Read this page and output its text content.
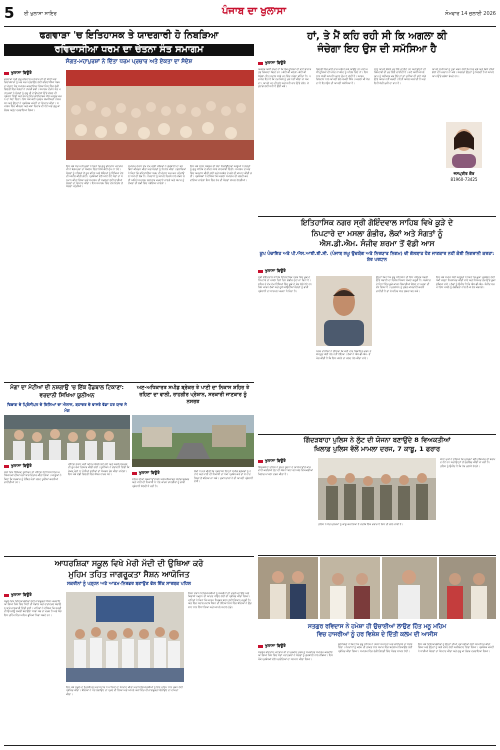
5 ਈ ਖੁਲਾਸਾ ਸਾਇਰ	ਪੰਜਾਬ ਦਾ ਖੁਲਾਸਾ	ਸੋਮਵਾਰ 14 ਜੁਲਾਈ 2026
ਫਗਵਾੜਾ 'ਚ ਇਤਿਹਾਸਕ ਤੇ ਯਾਦਗਾਰੀ ਹੋ ਨਿਬੜਿਆ
ਰਵਿਦਾਸੀਆ ਧਰਮ ਦਾ ਚੇਤਨਾ ਸੰਤ ਸਮਾਗਮ
ਸੰਗਤ-ਮਹਾਪੁਰਸ਼ਾਂ ਨੇ ਦਿੱਤਾ ਧਰਮ ਪ੍ਰਚਾਰ ਅਤੇ ਏਕਤਾ ਦਾ ਸੰਦੇਸ਼
ਖੁਲਾਸਾ ਬਿਊਰੋ
ਫਗਵਾੜਾ ਸ੍ਰੀ ਗੁਰੂ ਰਵਿਦਾਸ ਮਹਾਰਾਜ ਜੀ ਦੀ ਬਾਣੀ ਅਤੇ ਵਿਚਾਰਧਾਰਾ ਨੂੰ ਘਰ ਘਰ ਪਹੁੰਚਾਉਣ ਲਈ ਰਵਿਦਾਸੀਆ ਧਰਮ ਦਾ ਚੇਤਨਾ ਸੰਤ ਸਮਾਗਮ ਕਰਵਾਇਆ ਗਿਆ ਜਿਸ ਵਿੱਚ ਵੱਡੀ ਗਿਣਤੀ ਵਿੱਚ ਸੰਗਤਾਂ ਨੇ ਹਾਜ਼ਰੀ ਭਰੀ। ਸਮਾਗਮ ਦੌਰਾਨ ਸੰਤ ਮਹਾਪੁਰਸ਼ਾਂ ਨੇ ਸੰਗਤਾਂ ਨੂੰ ਗੁਰੂ ਜੀ ਦੇ ਉਪਦੇਸ਼ਾਂ ਉੱਤੇ ਚੱਲਣ ਦੀ ਪ੍ਰੇਰਨਾ ਦਿੱਤੀ ਅਤੇ ਸਮਾਜ ਵਿੱਚ ਭਾਈਚਾਰਕ ਸਾਂਝ ਮਜ਼ਬੂਤ ਕਰਨ ਦਾ ਸੱਦਾ ਦਿੱਤਾ। ਇਸ ਮੌਕੇ ਕਈ ਪ੍ਰਮੁੱਖ ਸ਼ਖਸੀਅਤਾਂ ਹਾਜ਼ਰ ਸਨ ਅਤੇ ਉਨ੍ਹਾਂ ਨੇ ਪ੍ਰਬੰਧਕ ਕਮੇਟੀ ਦਾ ਧੰਨਵਾਦ ਕੀਤਾ। ਸਮਾਗਮ ਵਿੱਚ ਕੀਰਤਨ ਅਤੇ ਕਥਾ ਵਿਚਾਰ ਵੀ ਹੋਏ ਅਤੇ ਗੁਰੂ ਕਾ ਲੰਗਰ ਅਤੁੱਟ ਵਰਤਾਇਆ ਗਿਆ।
ਇਸ ਮੌਕੇ ਸੰਤ ਮਹਾਂਪੁਰਸ਼ਾਂ ਨੇ ਕਿਹਾ ਕਿ ਗੁਰੂ ਰਵਿਦਾਸ ਮਹਾਰਾਜ ਜੀ ਨੇ ਬੇਗਮਪੁਰਾ ਦਾ ਸੰਕਲਪ ਦਿੱਤਾ ਜਿੱਥੇ ਕੋਈ ਦੁੱਖ ਨਾ ਹੋਵੇ। ਸੰਗਤਾਂ ਨੂੰ ਨਸ਼ਿਆਂ ਤੋਂ ਦੂਰ ਰਹਿਣ ਅਤੇ ਬੱਚਿਆਂ ਨੂੰ ਸਿੱਖਿਆ ਦੇਣ ਦੀ ਅਪੀਲ ਕੀਤੀ ਗਈ। ਪ੍ਰਬੰਧਕਾਂ ਵੱਲੋਂ ਆਏ ਹੋਏ ਸੰਤਾਂ ਦਾ ਸਨਮਾਨ ਕੀਤਾ ਗਿਆ ਅਤੇ ਸਮਾਗਮ ਦੀ ਸਫਲਤਾ ਲਈ ਸਾਰੀਆਂ ਸੰਗਤਾਂ ਦਾ ਧੰਨਵਾਦ ਕੀਤਾ। ਇਸ ਸਮਾਗਮ ਵਿੱਚ ਦੇਸ਼ ਵਿਦੇਸ਼ ਤੋਂ ਸੰਗਤਾਂ ਪਹੁੰਚੀਆਂ।
ਸਮਾਗਮ ਦੌਰਾਨ ਵੱਖ ਵੱਖ ਰਾਗੀ ਜਥਿਆਂ ਨੇ ਗੁਰਬਾਣੀ ਦਾ ਰਸਭਿੰਨਾ ਕੀਰਤਨ ਕੀਤਾ ਅਤੇ ਸੰਗਤਾਂ ਨੂੰ ਨਿਹਾਲ ਕੀਤਾ। ਬੁਲਾਰਿਆਂ ਨੇ ਕਿਹਾ ਕਿ ਰਵਿਦਾਸੀਆ ਧਰਮ ਦੀ ਚੇਤਨਾ ਘਰ ਘਰ ਪਹੁੰਚਾਉਣਾ ਸਮੇਂ ਦੀ ਲੋੜ ਹੈ। ਨੌਜਵਾਨਾਂ ਨੂੰ ਆਪਣੇ ਵਿਰਸੇ ਨਾਲ ਜੋੜਨ ਲਈ ਅਜਿਹੇ ਸਮਾਗਮ ਲਗਾਤਾਰ ਕਰਵਾਏ ਜਾਣਗੇ ਅਤੇ ਸਮਾਜ ਨੂੰ ਏਕਤਾ ਦੀ ਲੜੀ ਵਿੱਚ ਪਰੋਇਆ ਜਾਵੇਗਾ।
ਇਸ ਮੌਕੇ ਸਟੇਜ ਸਕੱਤਰ ਦੀ ਸੇਵਾ ਨਿਭਾਉਂਦਿਆਂ ਆਗੂਆਂ ਨੇ ਸੰਗਤਾਂ ਨੂੰ ਗੁਰੂ ਸਾਹਿਬ ਦੇ ਜੀਵਨ ਬਾਰੇ ਜਾਣਕਾਰੀ ਦਿੱਤੀ। ਸਮਾਗਮ ਦੇ ਅੰਤ ਵਿੱਚ ਅਰਦਾਸ ਕੀਤੀ ਗਈ ਅਤੇ ਸਰਬੱਤ ਦੇ ਭਲੇ ਦੀ ਕਾਮਨਾ ਕੀਤੀ ਗਈ। ਪ੍ਰਬੰਧਕਾਂ ਨੇ ਦੱਸਿਆ ਕਿ ਅਗਲਾ ਸਮਾਗਮ ਵੀ ਜਲਦੀ ਕਰਵਾਇਆ ਜਾਵੇਗਾ ਜਿਸ ਵਿੱਚ ਹੋਰ ਵੀ ਸੰਗਤਾਂ ਸ਼ਾਮਲ ਹੋਣਗੀਆਂ।
ਹਾਂ, ਤੇ ਮੈਂ ਕਹਿ ਰਹੀ ਸੀ ਕਿ ਅਗਲਾ ਕੀ
ਜੰਚੇਗਾ ਇਹ ਉਸ ਦੀ ਸਮੱਸਿਆ ਹੈ
ਖੁਲਾਸਾ ਬਿਊਰੋ
ਅਕਸਰ ਅਸੀਂ ਦੇਖਦੇ ਹਾਂ ਕਿ ਲੋਕ ਦੂਜਿਆਂ ਦੀ ਰਾਏ ਬਾਰੇ ਬਹੁਤ ਜ਼ਿਆਦਾ ਸੋਚਦੇ ਹਨ। ਕੋਈ ਕੀ ਕਹੇਗਾ, ਕੋਈ ਕੀ ਸੋਚੇਗਾ, ਇਹ ਸਵਾਲ ਸਾਡੇ ਮਨ ਵਿੱਚ ਹਮੇਸ਼ਾ ਰਹਿੰਦਾ ਹੈ। ਪਰ ਸੱਚ ਇਹ ਹੈ ਕਿ ਹਰ ਕਿਸੇ ਨੂੰ ਖੁਸ਼ ਨਹੀਂ ਕੀਤਾ ਜਾ ਸਕਦਾ। ਆਪਣੇ ਮਨ ਦੀ ਸੁਣੋ ਅਤੇ ਸਹੀ ਰਾਹ ਉੱਤੇ ਚੱਲੋ। ਜੋ ਤੁਹਾਡੇ ਲਈ ਸਹੀ ਹੈ ਉਹੀ ਕਰੋ।
ਜ਼ਿੰਦਗੀ ਵਿੱਚ ਕਈ ਵਾਰ ਅਜਿਹੇ ਮੌਕੇ ਆਉਂਦੇ ਹਨ ਜਦੋਂ ਅਸੀਂ ਦੂਜਿਆਂ ਦੀ ਪਸੰਦ ਨਾਪਸੰਦ ਨੂੰ ਪਹਿਲ ਦਿੰਦੇ ਹਾਂ। ਇਸ ਨਾਲ ਸਾਡੀ ਆਪਣੀ ਪਛਾਣ ਗੁੰਮ ਹੋ ਜਾਂਦੀ ਹੈ। ਆਤਮ ਵਿਸ਼ਵਾਸ ਨਾਲ ਆਪਣੀ ਗੱਲ ਰੱਖਣੀ ਸਿੱਖੋ। ਅਗਲਾ ਕੀ ਸੋਚਦਾ ਹੈ ਇਹ ਉਸ ਦੀ ਆਪਣੀ ਸਮੱਸਿਆ ਹੈ।
ਸਾਨੂੰ ਆਪਣੇ ਫੈਸਲੇ ਖੁਦ ਲੈਣੇ ਚਾਹੀਦੇ ਹਨ ਅਤੇ ਉਨ੍ਹਾਂ ਦੀ ਜ਼ਿੰਮੇਵਾਰੀ ਵੀ ਖੁਦ ਲੈਣੀ ਚਾਹੀਦੀ ਹੈ। ਜਦੋਂ ਅਸੀਂ ਆਪਣੇ ਆਪ ਨੂੰ ਸਵੀਕਾਰ ਕਰ ਲੈਂਦੇ ਹਾਂ ਤਾਂ ਦੁਨੀਆ ਦੀ ਰਾਏ ਸਾਡੇ ਉੱਤੇ ਅਸਰ ਨਹੀਂ ਕਰਦੀ। ਇਹੀ ਅਸਲ ਆਜ਼ਾਦੀ ਹੈ ਅਤੇ ਇਹੀ ਸੱਚੀ ਖੁਸ਼ੀ ਦਾ ਰਾਹ ਹੈ।
ਆਪਣੇ ਸੁਪਨਿਆਂ ਨੂੰ ਪੂਰਾ ਕਰਨ ਲਈ ਮਿਹਨਤ ਕਰੋ ਅਤੇ ਕਿਸੇ ਦੀਆਂ ਗੱਲਾਂ ਦੀ ਪਰਵਾਹ ਨਾ ਕਰੋ। ਸਫਲਤਾ ਉਨ੍ਹਾਂ ਨੂੰ ਮਿਲਦੀ ਹੈ ਜੋ ਆਪਣੇ ਆਪ ਉੱਤੇ ਭਰੋਸਾ ਰੱਖਦੇ ਹਨ।
ਜਸਪ੍ਰੀਤ ਕੌਰ
81960-73425
ਇਤਿਹਾਸਿਕ ਨਗਰ ਸ੍ਰੀ ਗੋਇੰਦਵਾਲ ਸਾਹਿਬ ਵਿਖੇ ਕੂੜੇ ਦੇ
ਨਿਪਟਾਰੇ ਦਾ ਮਸਲਾ ਗੰਭੀਰ, ਲੋਕਾਂ ਅਤੇ ਸੰਗਤਾਂ ਨੂੰ
ਐਸ.ਡੀ.ਐਮ. ਸੰਜੀਵ ਸ਼ਰਮਾ ਤੋਂ ਵੱਡੀ ਆਸ
ਕੂਪ ਪੰਚਾਇਤ ਅਤੇ ਪੀ.ਐਸ.ਆਈ.ਈ.ਸੀ. (ਪੰਜਾਬ ਲਘੂ ਉਦਯੋਗ ਅਤੇ ਨਿਰਯਾਤ ਨਿਗਮ) ਦੀ ਗੱਲਬਾਤ ਹੋਣ ਜਾਣਕਾਰ ਨਹੀਂ ਕੋਈ ਨਿਗਰਾਨੀ ਕਰਤਾ: ਸ਼ੇਰ ਪਰਧਾਨ
ਖੁਲਾਸਾ ਬਿਊਰੋ
ਸ੍ਰੀ ਗੋਇੰਦਵਾਲ ਸਾਹਿਬ ਇਤਿਹਾਸਿਕ ਨਗਰ ਵਿੱਚ ਕੂੜੇ ਦੇ ਨਿਪਟਾਰੇ ਦਾ ਮਸਲਾ ਦਿਨੋ ਦਿਨ ਗੰਭੀਰ ਹੁੰਦਾ ਜਾ ਰਿਹਾ ਹੈ। ਸ਼ਹਿਰ ਦੇ ਵੱਖ ਵੱਖ ਹਿੱਸਿਆਂ ਵਿੱਚ ਕੂੜੇ ਦੇ ਢੇਰ ਲੱਗੇ ਹੋਏ ਹਨ ਜਿਸ ਕਾਰਨ ਲੋਕਾਂ ਅਤੇ ਦੂਰੋਂ ਆਉਂਦੀਆਂ ਸੰਗਤਾਂ ਨੂੰ ਭਾਰੀ ਪ੍ਰੇਸ਼ਾਨੀ ਦਾ ਸਾਹਮਣਾ ਕਰਨਾ ਪੈ ਰਿਹਾ ਹੈ।
ਨਗਰ ਵਾਸੀਆਂ ਨੇ ਦੱਸਿਆ ਕਿ ਕਈ ਵਾਰ ਸ਼ਿਕਾਇਤ ਕਰਨ ਦੇ ਬਾਵਜੂਦ ਕੋਈ ਹੱਲ ਨਹੀਂ ਹੋਇਆ। ਲੋਕਾਂ ਨੇ ਐਸ.ਡੀ.ਐਮ. ਤੋਂ ਮੰਗ ਕੀਤੀ ਹੈ ਕਿ ਇਸ ਮਸਲੇ ਦਾ ਜਲਦ ਹੱਲ ਕੀਤਾ ਜਾਵੇ।
ਉਨ੍ਹਾਂ ਕਿਹਾ ਕਿ ਗੁਰੂ ਸਾਹਿਬਾਨ ਦੀ ਇਸ ਪਵਿੱਤਰ ਧਰਤੀ ਉੱਤੇ ਸਫਾਈ ਦਾ ਵਿਸ਼ੇਸ਼ ਧਿਆਨ ਰੱਖਣਾ ਜ਼ਰੂਰੀ ਹੈ। ਬਰਸਾਤ ਦੇ ਦਿਨਾਂ ਵਿੱਚ ਕੂੜੇ ਕਾਰਨ ਬਿਮਾਰੀਆਂ ਫੈਲਣ ਦਾ ਖ਼ਤਰਾ ਵੀ ਵੱਧ ਗਿਆ ਹੈ। ਪ੍ਰਸ਼ਾਸਨ ਨੂੰ ਤੁਰੰਤ ਕਾਰਵਾਈ ਕਰਨੀ ਚਾਹੀਦੀ ਹੈ ਤਾਂ ਜੋ ਸ਼ਹਿਰ ਸਾਫ਼ ਸੁਥਰਾ ਬਣ ਸਕੇ।
ਇਸ ਮੌਕੇ ਸਮਾਜ ਸੇਵੀ ਆਗੂਆਂ ਨੇ ਕਿਹਾ ਕਿ ਕੂੜਾ ਪ੍ਰਬੰਧਨ ਲਈ ਪੱਕੀ ਜਗ੍ਹਾ ਨਿਰਧਾਰਤ ਕੀਤੀ ਜਾਵੇ ਅਤੇ ਨਿਯਮਤ ਤੌਰ ਉੱਤੇ ਕੂੜਾ ਚੁੱਕਿਆ ਜਾਵੇ। ਲੋਕਾਂ ਨੂੰ ਉਮੀਦ ਹੈ ਕਿ ਐਸ.ਡੀ.ਐਮ. ਸੰਜੀਵ ਸ਼ਰਮਾ ਇਸ ਮਸਲੇ ਨੂੰ ਗੰਭੀਰਤਾ ਨਾਲ ਲੈ ਕੇ ਹੱਲ ਕਰਨਗੇ।
ਮੋਗਾ ਦਾ ਮੋਟੀਆਂ ਦੀ ਨਸ਼ਗਾਉਂ 'ਚ ਇੱਕ ਹੈਂਡਬਾਲ ਟਿਕਾਣਾ: ਵਰਦਾਨੀ ਸਿਖਿਆ ਯੂਨੀਅਨ
ਵਿਭਾਗ ਦੇ ਪ੍ਰਿੰਸੀਪਲ ਦੇ ਕਿਲਿਆਂ ਦਾ ਐਲਾਨ, ਬਹਾਦਰ ਦੇ ਵਾਸਤੇ ਵੱਡਾ ਹਰ ਯਾਦ ਨੇ ਮੰਗ
ਖੁਲਾਸਾ ਬਿਊਰੋ
ਮੋਗਾ ਵਿਖੇ ਸਿੱਖਿਆ ਯੂਨੀਅਨ ਦੀ ਮੀਟਿੰਗ ਹੋਈ ਜਿਸ ਵਿੱਚ ਅਧਿਆਪਕਾਂ ਦੀਆਂ ਮੰਗਾਂ ਬਾਰੇ ਵਿਚਾਰ ਕੀਤਾ ਗਿਆ। ਆਗੂਆਂ ਨੇ ਕਿਹਾ ਕਿ ਸਰਕਾਰ ਨੂੰ ਲੰਬਿਤ ਮੰਗਾਂ ਜਲਦ ਪੂਰੀਆਂ ਕਰਨੀਆਂ ਚਾਹੀਦੀਆਂ ਹਨ।
ਮੀਟਿੰਗ ਦੌਰਾਨ ਕਈ ਅਹਿਮ ਫੈਸਲੇ ਲਏ ਗਏ ਅਤੇ ਅਗਲੇ ਸੰਘਰਸ਼ ਦੀ ਰੂਪ ਰੇਖਾ ਤਿਆਰ ਕੀਤੀ ਗਈ। ਯੂਨੀਅਨ ਨੇ ਚੇਤਾਵਨੀ ਦਿੱਤੀ ਕਿ ਜੇਕਰ ਮੰਗਾਂ ਨਾ ਮੰਨੀਆਂ ਗਈਆਂ ਤਾਂ ਸੰਘਰਸ਼ ਤੇਜ਼ ਕੀਤਾ ਜਾਵੇਗਾ। ਇਸ ਮੌਕੇ ਵੱਡੀ ਗਿਣਤੀ ਵਿੱਚ ਮੈਂਬਰ ਹਾਜ਼ਰ ਸਨ।
ਅਣ-ਅਧਿਕਾਰਤ ਸਪੀਡ ਬ੍ਰੇਕਰ ਤੇ ਪਾਣੀ ਦਾ ਨਿਕਾਸ ਸ਼ਹਿਰ ਤੇ ਰਹਿਣਾ ਦਾ ਵਾਲੀ, ਰਾਹਗੀਰ ਪ੍ਰੇਸ਼ਾਨ, ਸਰਕਾਰੀ ਜਾਣਕਾਰ ਨੂੰ ਨਸਰਤ
ਖੁਲਾਸਾ ਬਿਊਰੋ
ਸ਼ਹਿਰ ਦੀਆਂ ਸੜਕਾਂ ਉੱਤੇ ਬਣੇ ਅਣਅਧਿਕਾਰਤ ਸਪੀਡ ਬ੍ਰੇਕਰ ਅਤੇ ਪਾਣੀ ਦੀ ਨਿਕਾਸੀ ਨਾ ਹੋਣ ਕਾਰਨ ਰਾਹਗੀਰਾਂ ਨੂੰ ਭਾਰੀ ਪ੍ਰੇਸ਼ਾਨੀ ਝੱਲਣੀ ਪੈ ਰਹੀ ਹੈ।
ਲੋਕਾਂ ਨੇ ਮੰਗ ਕੀਤੀ ਕਿ ਪ੍ਰਸ਼ਾਸਨ ਇਨ੍ਹਾਂ ਸਪੀਡ ਬ੍ਰੇਕਰਾਂ ਨੂੰ ਹਟਾਵੇ ਅਤੇ ਪਾਣੀ ਦੀ ਨਿਕਾਸੀ ਦਾ ਪੱਕਾ ਪ੍ਰਬੰਧ ਕਰੇ ਤਾਂ ਜੋ ਹਾਦਸਿਆਂ ਤੋਂ ਬਚਿਆ ਜਾ ਸਕੇ। ਦੁਕਾਨਦਾਰਾਂ ਨੇ ਵੀ ਆਪਣੀ ਪ੍ਰੇਸ਼ਾਨੀ ਦੱਸੀ।
ਗਿੱਦੜਬਾਹਾ ਪੁਲਿਸ ਨੇ ਲੁੱਟ ਦੀ ਯੋਜਨਾ ਬਣਾਉਂਦੇ 8 ਵਿਅਕਤੀਆਂ
ਖਿਲਾਫ਼ ਪੁਲਿਸ ਵੱਲੋਂ ਮਾਮਲਾ ਦਰਜ, 7 ਕਾਬੂ, 1 ਫਰਾਰ
ਖੁਲਾਸਾ ਬਿਊਰੋ
ਗਿੱਦੜਬਾਹਾ ਪੁਲਿਸ ਨੇ ਗੁਪਤ ਸੂਚਨਾ ਦੇ ਆਧਾਰ ਉੱਤੇ ਕਾਰਵਾਈ ਕਰਦਿਆਂ ਲੁੱਟ ਦੀ ਯੋਜਨਾ ਬਣਾ ਰਹੇ ਅੱਠ ਵਿਅਕਤੀਆਂ ਖਿਲਾਫ਼ ਮਾਮਲਾ ਦਰਜ ਕੀਤਾ ਹੈ।
ਪੁਲਿਸ ਨੇ ਸੱਤ ਮੁਲਜ਼ਮਾਂ ਨੂੰ ਕਾਬੂ ਕਰ ਲਿਆ ਹੈ ਜਦਕਿ ਇੱਕ ਫਰਾਰ ਹੈ ਜਿਸ ਦੀ ਭਾਲ ਜਾਰੀ ਹੈ।
ਥਾਣਾ ਮੁਖੀ ਨੇ ਦੱਸਿਆ ਕਿ ਮੁਲਜ਼ਮਾਂ ਕੋਲੋਂ ਹਥਿਆਰ ਵੀ ਬਰਾਮਦ ਹੋਏ ਹਨ ਅਤੇ ਉਨ੍ਹਾਂ ਤੋਂ ਪੁੱਛਗਿੱਛ ਕੀਤੀ ਜਾ ਰਹੀ ਹੈ। ਪੁਲਿਸ ਨੂੰ ਉਮੀਦ ਹੈ ਕਿ ਹੋਰ ਖੁਲਾਸੇ ਹੋਣਗੇ।
ਆਧਰਸ਼ਿਕਾ ਸਕੂਲ ਵਿਖੇ ਮੇਰੀ ਮੱਦੀ ਦੀ ਉਥਿਆ ਕਰੋ
ਮੁਹਿਮ ਤਹਿਤ ਜਾਗਰੂਕਤਾ ਸੈਸ਼ਨ ਆਯੋਜਿਤ
ਸਕਰੀਨਾਂ ਨੂੰ ਪੜ੍ਹਨ ਅਤੇ ਆਤਮ-ਨਿਰਭਰ ਬਣਾਉਣ ਵੱਲ ਇੱਕ ਸਾਰਥਕ ਪਹਿਲ
ਖੁਲਾਸਾ ਬਿਊਰੋ
ਸਕੂਲ ਵਿਖੇ ਵਿਦਿਆਰਥੀਆਂ ਲਈ ਜਾਗਰੂਕਤਾ ਸੈਸ਼ਨ ਕਰਵਾਇਆ ਗਿਆ ਜਿਸ ਵਿੱਚ ਮਿੱਟੀ ਦੀ ਸੰਭਾਲ ਅਤੇ ਵਾਤਾਵਰਣ ਬਚਾਉਣ ਬਾਰੇ ਜਾਣਕਾਰੀ ਦਿੱਤੀ ਗਈ। ਮਾਹਿਰਾਂ ਨੇ ਦੱਸਿਆ ਕਿ ਧਰਤੀ ਦੀ ਉਪਜਾਊ ਸ਼ਕਤੀ ਬਚਾਉਣਾ ਸਾਡਾ ਸਭ ਦਾ ਫਰਜ਼ ਹੈ ਅਤੇ ਬੱਚੇ ਇਸ ਮੁਹਿੰਮ ਵਿੱਚ ਅਹਿਮ ਭੂਮਿਕਾ ਨਿਭਾ ਸਕਦੇ ਹਨ।
ਇਸ ਮੌਕੇ ਸਕੂਲ ਦੇ ਪ੍ਰਿੰਸੀਪਲ ਅਤੇ ਸਟਾਫ ਨੇ ਮਾਹਿਰਾਂ ਦਾ ਧੰਨਵਾਦ ਕੀਤਾ ਅਤੇ ਵਿਦਿਆਰਥੀਆਂ ਨੂੰ ਇਸ ਮੁਹਿੰਮ ਨਾਲ ਜੁੜਨ ਲਈ ਪ੍ਰੇਰਿਤ ਕੀਤਾ। ਬੱਚਿਆਂ ਨੇ ਪੌਦੇ ਲਗਾਉਣ ਦਾ ਪ੍ਰਣ ਵੀ ਲਿਆ ਅਤੇ ਆਪਣੇ ਘਰਾਂ ਵਿੱਚ ਵੀ ਜਾਗਰੂਕਤਾ ਫੈਲਾਉਣ ਦਾ ਵਾਅਦਾ ਕੀਤਾ।
ਸੈਸ਼ਨ ਦੌਰਾਨ ਵਿਦਿਆਰਥੀਆਂ ਨੂੰ ਸਕਰੀਨਾਂ ਦੀ ਵਰਤੋਂ ਘਟਾਉਣ ਅਤੇ ਕਿਤਾਬਾਂ ਪੜ੍ਹਨ ਦੀ ਆਦਤ ਪਾਉਣ ਲਈ ਵੀ ਪ੍ਰੇਰਿਤ ਕੀਤਾ ਗਿਆ। ਮਾਹਿਰਾਂ ਨੇ ਕਿਹਾ ਕਿ ਆਤਮ ਨਿਰਭਰ ਬਣਨ ਲਈ ਗਿਆਨ ਜ਼ਰੂਰੀ ਹੈ। ਅੰਤ ਵਿੱਚ ਸਵਾਲ ਜਵਾਬ ਸੈਸ਼ਨ ਵੀ ਹੋਇਆ ਜਿਸ ਵਿੱਚ ਬੱਚਿਆਂ ਨੇ ਉਤਸ਼ਾਹ ਨਾਲ ਹਿੱਸਾ ਲਿਆ ਅਤੇ ਆਪਣੇ ਸਵਾਲ ਪੁੱਛੇ।
ਸਤਗੁਰ ਰਵਿਦਾਸ ਨੇ ਹਮੇਸ਼ਾ ਹੀ ਉਚਾਈਆਂ ਲਾਉਣ ਹਿੱਤ ਮਨੂ ਮਹਿਮ
ਵਿਚ ਹਾਜਰੀਆਂ ਨੂੰ ਹਰ ਵਿਸ਼ੇਸ਼ ਦੇ ਦਿੱਤੀ ਕਲਮ ਦੀ ਆਸੀਸ
ਖੁਲਾਸਾ ਬਿਊਰੋ
ਸਤਗੁਰ ਰਵਿਦਾਸ ਮਹਾਰਾਜ ਜੀ ਦੇ ਪ੍ਰਕਾਸ਼ ਪੁਰਬ ਨੂੰ ਸਮਰਪਿਤ ਸਮਾਗਮ ਕਰਵਾਇਆ ਗਿਆ ਜਿਸ ਵਿੱਚ ਸੰਤਾਂ ਮਹਾਪੁਰਸ਼ਾਂ ਨੇ ਸੰਗਤਾਂ ਨੂੰ ਗੁਰਬਾਣੀ ਨਾਲ ਜੋੜਿਆ। ਇਸ ਮੌਕੇ ਪ੍ਰਬੰਧਕਾਂ ਵੱਲੋਂ ਪਤਵੰਤਿਆਂ ਦਾ ਸਨਮਾਨ ਕੀਤਾ ਗਿਆ।
ਬੁਲਾਰਿਆਂ ਨੇ ਕਿਹਾ ਕਿ ਗੁਰੂ ਸਾਹਿਬ ਨੇ ਹਮੇਸ਼ਾ ਸਮਾਨਤਾ ਅਤੇ ਭਾਈਚਾਰੇ ਦਾ ਸੰਦੇਸ਼ ਦਿੱਤਾ। ਨੌਜਵਾਨਾਂ ਨੂੰ ਕਲਮ ਦੀ ਤਾਕਤ ਨਾਲ ਸਮਾਜ ਵਿੱਚ ਬਦਲਾਅ ਲਿਆਉਣ ਲਈ ਪ੍ਰੇਰਿਤ ਕੀਤਾ ਗਿਆ। ਸਮਾਗਮ ਵਿੱਚ ਵੱਡੀ ਗਿਣਤੀ ਵਿੱਚ ਸੰਗਤ ਸ਼ਾਮਲ ਹੋਈ।
ਇਸ ਮੌਕੇ ਵਿਦਿਆਰਥੀਆਂ ਨੂੰ ਉਨ੍ਹਾਂ ਦੀਆਂ ਪ੍ਰਾਪਤੀਆਂ ਲਈ ਸਨਮਾਨਿਤ ਕੀਤਾ ਗਿਆ ਅਤੇ ਉਨ੍ਹਾਂ ਨੂੰ ਅੱਗੇ ਵਧਣ ਲਈ ਅਸ਼ੀਰਵਾਦ ਦਿੱਤਾ ਗਿਆ। ਪ੍ਰਬੰਧਕ ਕਮੇਟੀ ਨੇ ਸਾਰੀਆਂ ਸੰਗਤਾਂ ਦਾ ਧੰਨਵਾਦ ਕੀਤਾ ਅਤੇ ਗੁਰੂ ਕਾ ਲੰਗਰ ਵਰਤਾਇਆ ਗਿਆ।
